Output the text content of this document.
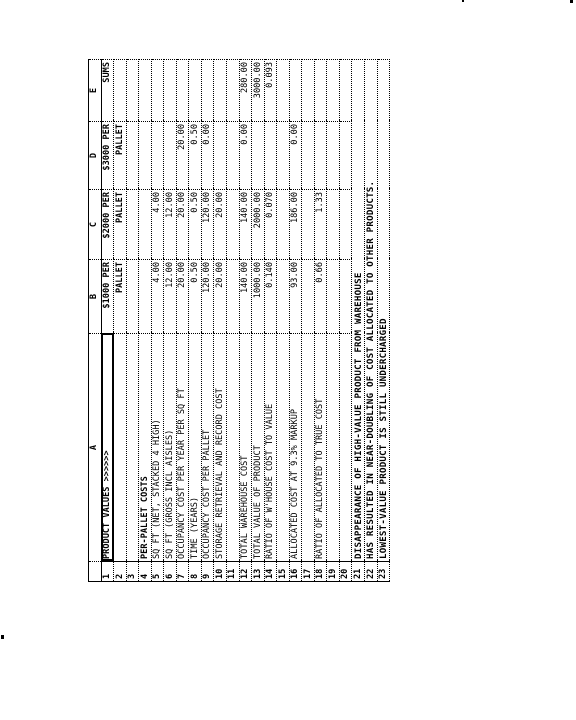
	A	B	C	D	E
1	PRODUCT VALUES >>>>>>	$1000 PER	$2000 PER	$3000 PER	SUMS
2		PALLET	PALLET	PALLET	
3					
4	PER-PALLET COSTS				
5	SQ FT (NET, STACKED 4 HIGH)	4.00	4.00		
6	SQ FT (GROSS INCL AISLES)	12.00	12.00		
7	OCCUPANCY COST PER YEAR PER SQ FT	20.00	20.00	20.00	
8	TIME (YEARS)	0.50	0.50	0.50	
9	OCCUPANCY COST PER PALLET	120.00	120.00	0.00	
10	STORAGE RETRIEVAL AND RECORD COST	20.00	20.00		
11					
12	TOTAL WAREHOUSE COST	140.00	140.00	0.00	280.00
13	TOTAL VALUE OF PRODUCT	1000.00	2000.00		3000.00
14	RATIO OF W'HOUSE COST TO VALUE	0.140	0.070		0.093
15					
16	ALLOCATED COST AT 9.3% MARKUP	93.00	186.00	0.00	
17					
18	RATIO OF ALLOCATED TO TRUE COST	0.66	1.33		
19					
20					
21	DISAPPEARANCE OF HIGH-VALUE PRODUCT FROM WAREHOUSE				
22	HAS RESULTED IN NEAR-DOUBLING OF COST ALLOCATED TO OTHER PRODUCTS.				
23	LOWEST-VALUE PRODUCT IS STILL UNDERCHARGED				
